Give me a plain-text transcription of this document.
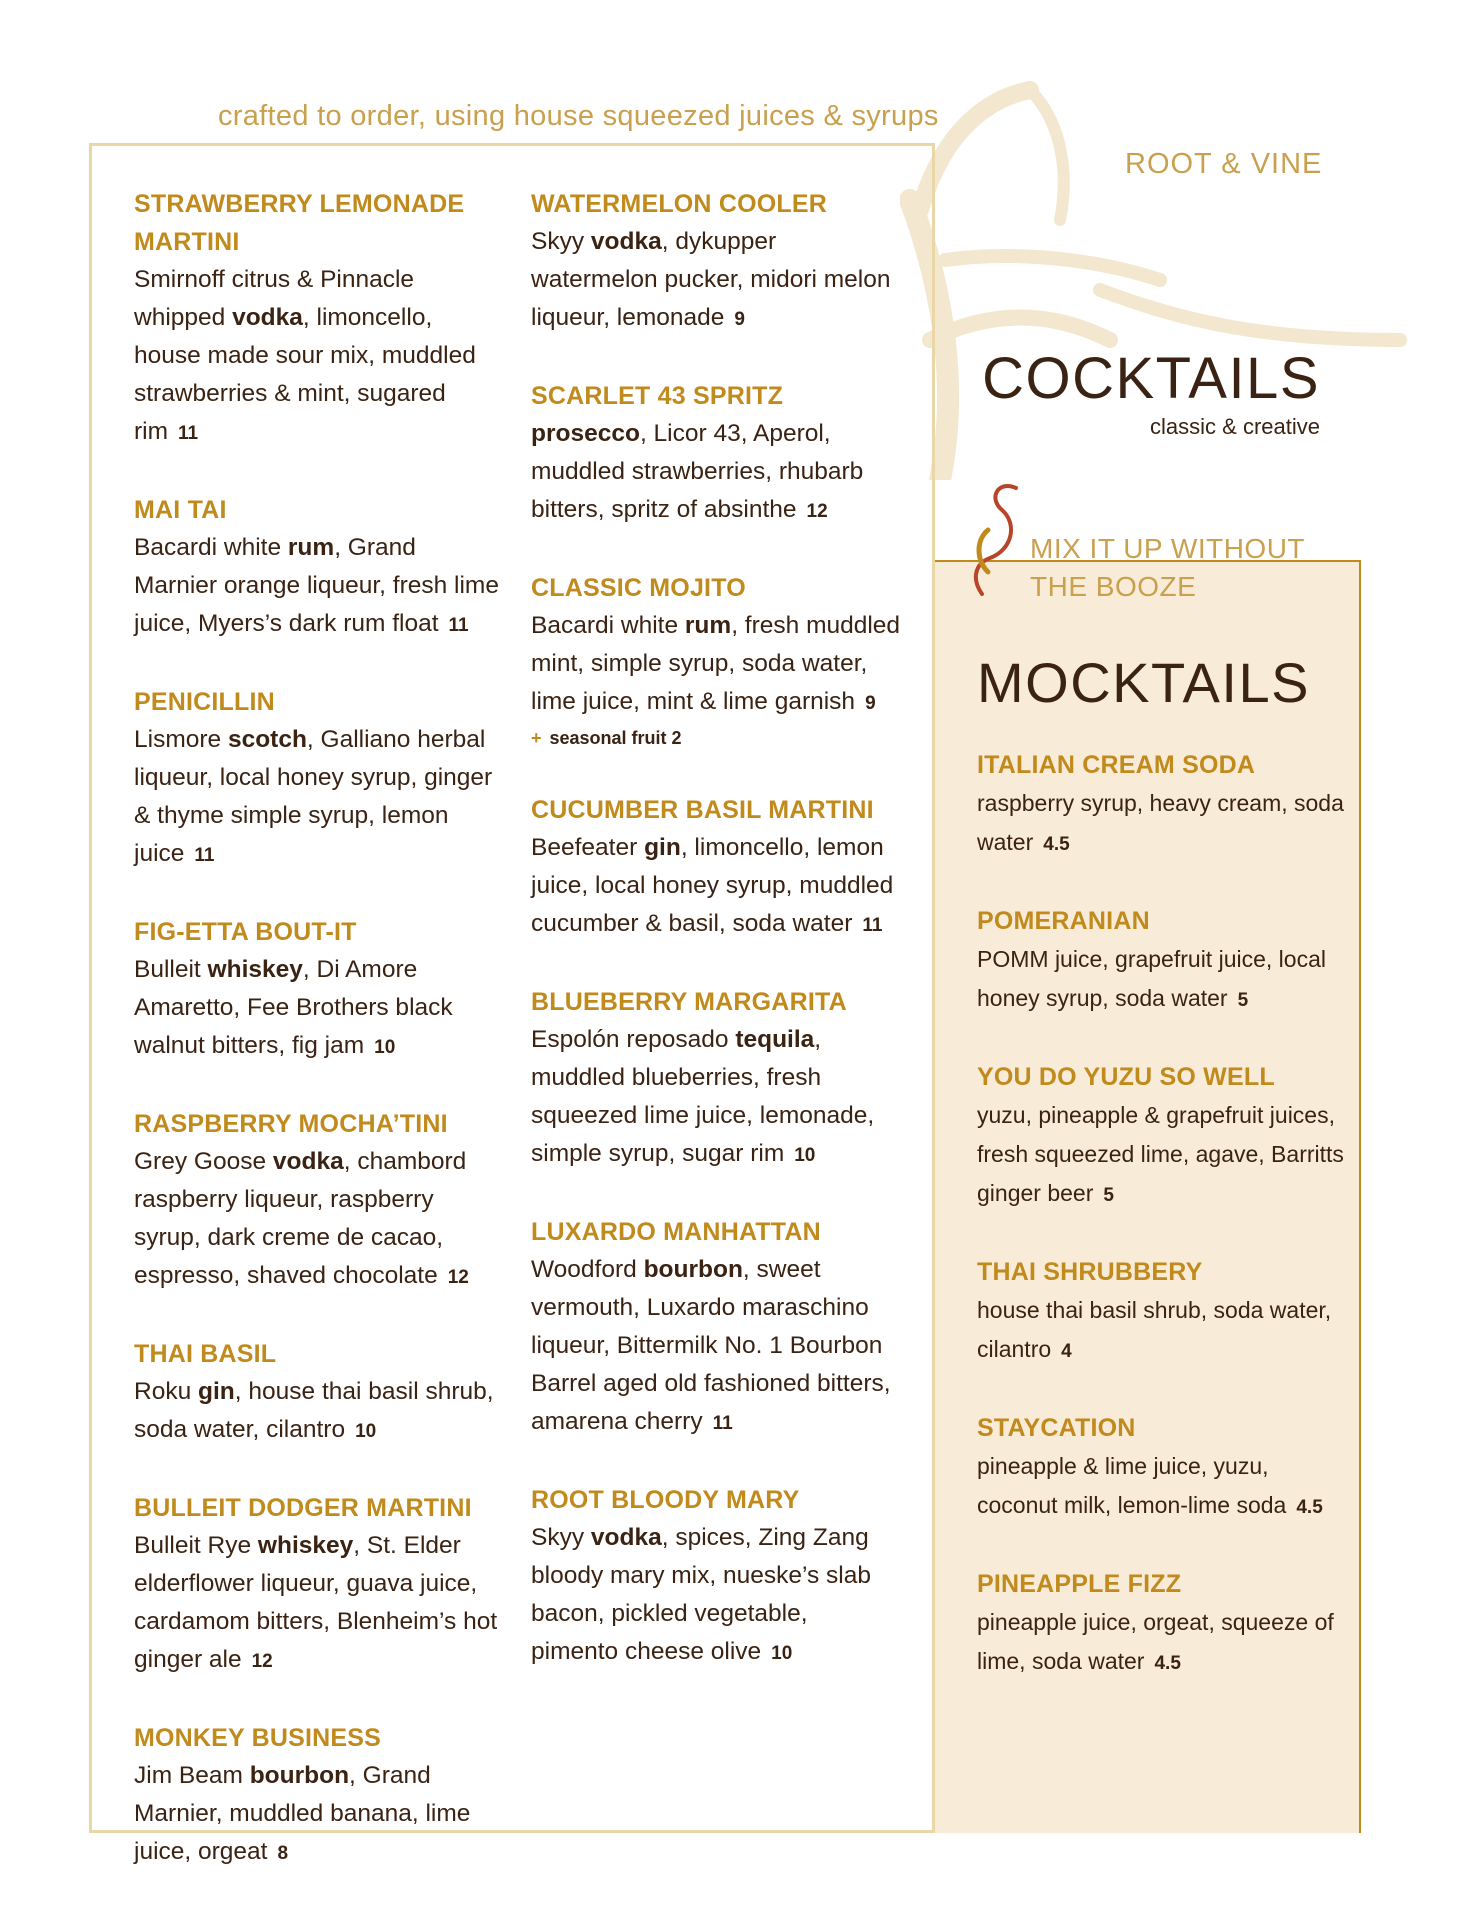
crafted to order, using house squeezed juices & syrups
STRAWBERRY LEMONADE MARTINI
Smirnoff citrus & Pinnacle whipped vodka, limoncello, house made sour mix, muddled strawberries & mint, sugared rim 11
MAI TAI
Bacardi white rum, Grand Marnier orange liqueur, fresh lime juice, Myers’s dark rum float 11
PENICILLIN
Lismore scotch, Galliano herbal liqueur, local honey syrup, ginger & thyme simple syrup, lemon juice 11
FIG-ETTA BOUT-IT
Bulleit whiskey, Di Amore Amaretto, Fee Brothers black walnut bitters, fig jam 10
RASPBERRY MOCHA’TINI
Grey Goose vodka, chambord raspberry liqueur, raspberry syrup, dark creme de cacao, espresso, shaved chocolate 12
THAI BASIL
Roku gin, house thai basil shrub, soda water, cilantro 10
BULLEIT DODGER MARTINI
Bulleit Rye whiskey, St. Elder elderflower liqueur, guava juice, cardamom bitters, Blenheim’s hot ginger ale 12
MONKEY BUSINESS
Jim Beam bourbon, Grand Marnier, muddled banana, lime juice, orgeat 8
WATERMELON COOLER
Skyy vodka, dykupper watermelon pucker, midori melon liqueur, lemonade 9
SCARLET 43 SPRITZ
prosecco, Licor 43, Aperol, muddled strawberries, rhubarb bitters, spritz of absinthe 12
CLASSIC MOJITO
Bacardi white rum, fresh muddled mint, simple syrup, soda water, lime juice, mint & lime garnish 9
+ seasonal fruit 2
CUCUMBER BASIL MARTINI
Beefeater gin, limoncello, lemon juice, local honey syrup, muddled cucumber & basil, soda water 11
BLUEBERRY MARGARITA
Espolón reposado tequila, muddled blueberries, fresh squeezed lime juice, lemonade, simple syrup, sugar rim 10
LUXARDO MANHATTAN
Woodford bourbon, sweet vermouth, Luxardo maraschino liqueur, Bittermilk No. 1 Bourbon Barrel aged old fashioned bitters, amarena cherry 11
ROOT BLOODY MARY
Skyy vodka, spices, Zing Zang bloody mary mix, nueske’s slab bacon, pickled vegetable, pimento cheese olive 10
ROOT & VINE
COCKTAILS
classic & creative
MIX IT UP WITHOUT
THE BOOZE
MOCKTAILS
ITALIAN CREAM SODA
raspberry syrup, heavy cream, soda water 4.5
POMERANIAN
POMM juice, grapefruit juice, local honey syrup, soda water 5
YOU DO YUZU SO WELL
yuzu, pineapple & grapefruit juices, fresh squeezed lime, agave, Barritts ginger beer 5
THAI SHRUBBERY
house thai basil shrub, soda water, cilantro 4
STAYCATION
pineapple & lime juice, yuzu, coconut milk, lemon-lime soda 4.5
PINEAPPLE FIZZ
pineapple juice, orgeat, squeeze of lime, soda water 4.5
